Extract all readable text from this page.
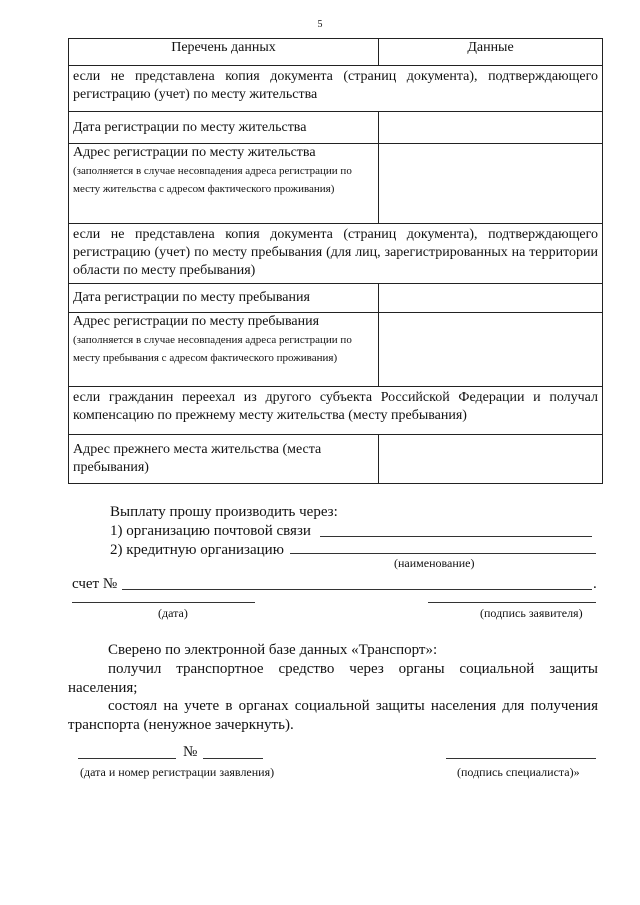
5
Перечень данных	Данные
если не представлена копия документа (страниц документа), подтверждающего регистрацию (учет) по месту жительства	
Дата регистрации по месту жительства	
Адрес регистрации по месту жительства (заполняется в случае несовпадения адреса регистрации по месту жительства с адресом фактического проживания)	
если не представлена копия документа (страниц документа), подтверждающего регистрацию (учет) по месту пребывания (для лиц, зарегистрированных на территории области по месту пребывания)	
Дата регистрации по месту пребывания	
Адрес регистрации по месту пребывания (заполняется в случае несовпадения адреса регистрации по месту пребывания с адресом фактического проживания)	
если гражданин переехал из другого субъекта Российской Федерации и получал компенсацию по прежнему месту жительства (месту пребывания)	
Адрес прежнего места жительства (места пребывания)	
Выплату прошу производить через:
1) организацию почтовой связи
2) кредитную организацию
(наименование)
счет №	.
(дата)	(подпись заявителя)
Сверено по электронной базе данных «Транспорт»:
получил транспортное средство через органы социальной защиты населения;
состоял на учете в органах социальной защиты населения для получения транспорта (ненужное зачеркнуть).
№
(дата и номер регистрации заявления)	(подпись специалиста)»
